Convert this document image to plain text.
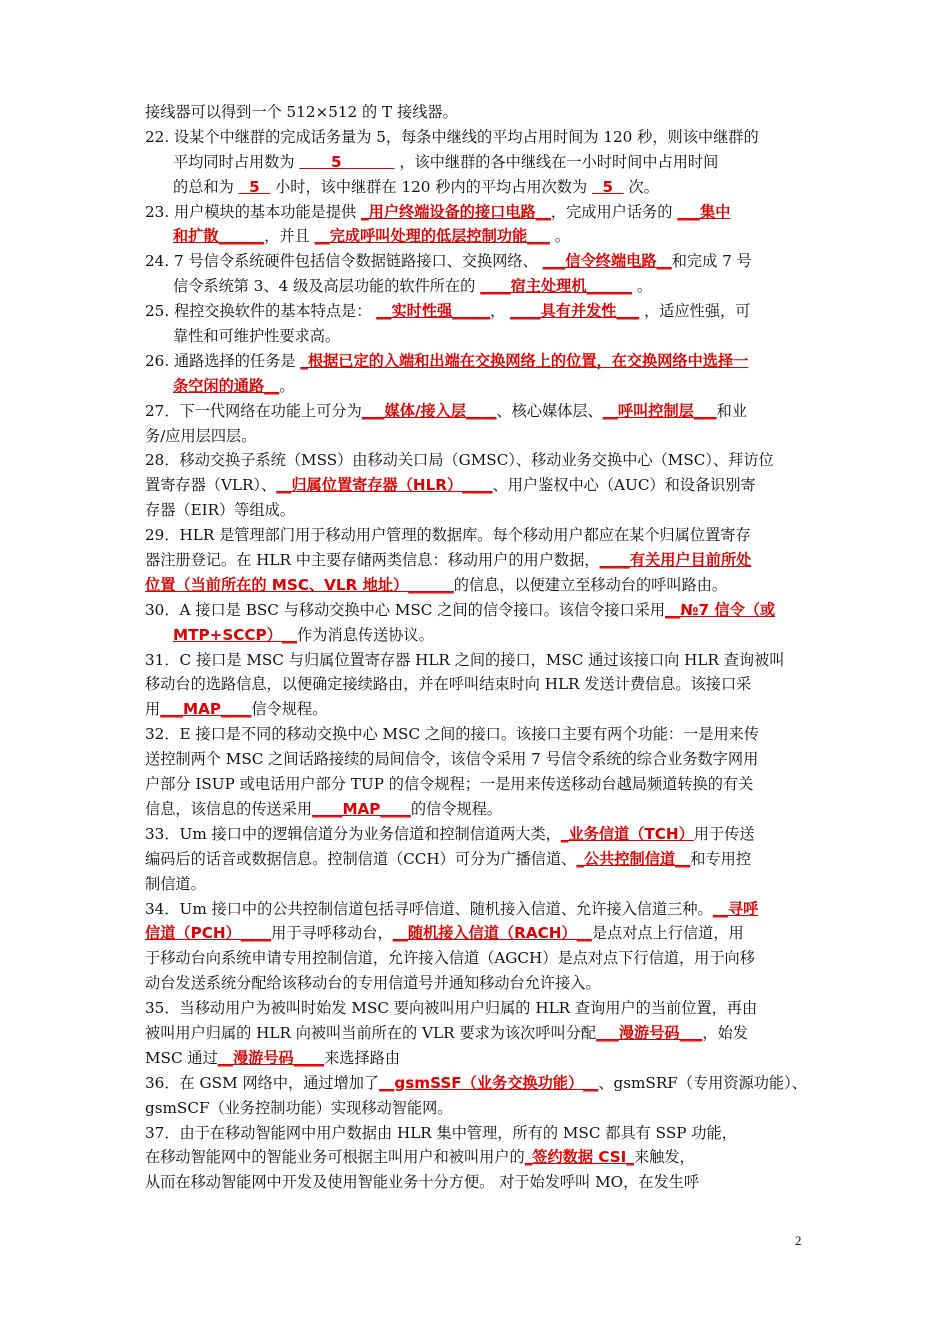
接线器可以得到一个 512×512 的 T 接线器。
22. 设某个中继群的完成话务量为 5，每条中继线的平均占用时间为 120 秒，则该中继群的
平均同时占用数为       5           ，该中继群的各中继线在一小时时间中占用时间
的总和为   5   小时，该中继群在 120 秒内的平均占用次数为   5   次。
23. 用户模块的基本功能是提供 _用户终端设备的接口电路__，完成用户话务的 ___集中
和扩散______，并且 __完成呼叫处理的低层控制功能___ 。
24. 7 号信令系统硬件包括信令数据链路接口、交换网络、 ___信令终端电路__和完成 7 号
信令系统第 3、4 级及高层功能的软件所在的 ____宿主处理机______ 。
25. 程控交换软件的基本特点是： __实时性强_____， ____具有并发性___ ，适应性强，可
靠性和可维护性要求高。
26. 通路选择的任务是 _根据已定的入端和出端在交换网络上的位置，在交换网络中选择一
条空闲的通路__。
27．下一代网络在功能上可分为___媒体/接入层____、核心媒体层、__呼叫控制层___和业
务/应用层四层。
28．移动交换子系统（MSS）由移动关口局（GMSC）、移动业务交换中心（MSC）、拜访位
置寄存器（VLR）、__归属位置寄存器（HLR）____、用户鉴权中心（AUC）和设备识别寄
存器（EIR）等组成。
29．HLR 是管理部门用于移动用户管理的数据库。每个移动用户都应在某个归属位置寄存
器注册登记。在 HLR 中主要存储两类信息：移动用户的用户数据，____有关用户目前所处
位置（当前所在的 MSC、VLR 地址）______的信息，以便建立至移动台的呼叫路由。
30．A 接口是 BSC 与移动交换中心 MSC 之间的信令接口。该信令接口采用__№7 信令（或
MTP+SCCP）__作为消息传送协议。
31．C 接口是 MSC 与归属位置寄存器 HLR 之间的接口，MSC 通过该接口向 HLR 查询被叫
移动台的选路信息，以便确定接续路由，并在呼叫结束时向 HLR 发送计费信息。该接口采
用___MAP____信令规程。
32．E 接口是不同的移动交换中心 MSC 之间的接口。该接口主要有两个功能：一是用来传
送控制两个 MSC 之间话路接续的局间信令，该信令采用 7 号信令系统的综合业务数字网用
户部分 ISUP 或电话用户部分 TUP 的信令规程；一是用来传送移动台越局频道转换的有关
信息，该信息的传送采用____MAP____的信令规程。
33．Um 接口中的逻辑信道分为业务信道和控制信道两大类，_业务信道（TCH）用于传送
编码后的话音或数据信息。控制信道（CCH）可分为广播信道、_公共控制信道__和专用控
制信道。
34．Um 接口中的公共控制信道包括寻呼信道、随机接入信道、允许接入信道三种。__寻呼
信道（PCH）____用于寻呼移动台，__随机接入信道（RACH）__是点对点上行信道，用
于移动台向系统申请专用控制信道，允许接入信道（AGCH）是点对点下行信道，用于向移
动台发送系统分配给该移动台的专用信道号并通知移动台允许接入。
35．当移动用户为被叫时始发 MSC 要向被叫用户归属的 HLR 查询用户的当前位置，再由
被叫用户归属的 HLR 向被叫当前所在的 VLR 要求为该次呼叫分配___漫游号码___，始发
MSC 通过__漫游号码____来选择路由
36．在 GSM 网络中，通过增加了__gsmSSF（业务交换功能）__、gsmSRF（专用资源功能）、
gsmSCF（业务控制功能）实现移动智能网。
37．由于在移动智能网中用户数据由 HLR 集中管理，所有的 MSC 都具有 SSP 功能，
在移动智能网中的智能业务可根据主叫用户和被叫用户的_签约数据 CSI_来触发，
从而在移动智能网中开发及使用智能业务十分方便。 对于始发呼叫 MO，在发生呼
2
